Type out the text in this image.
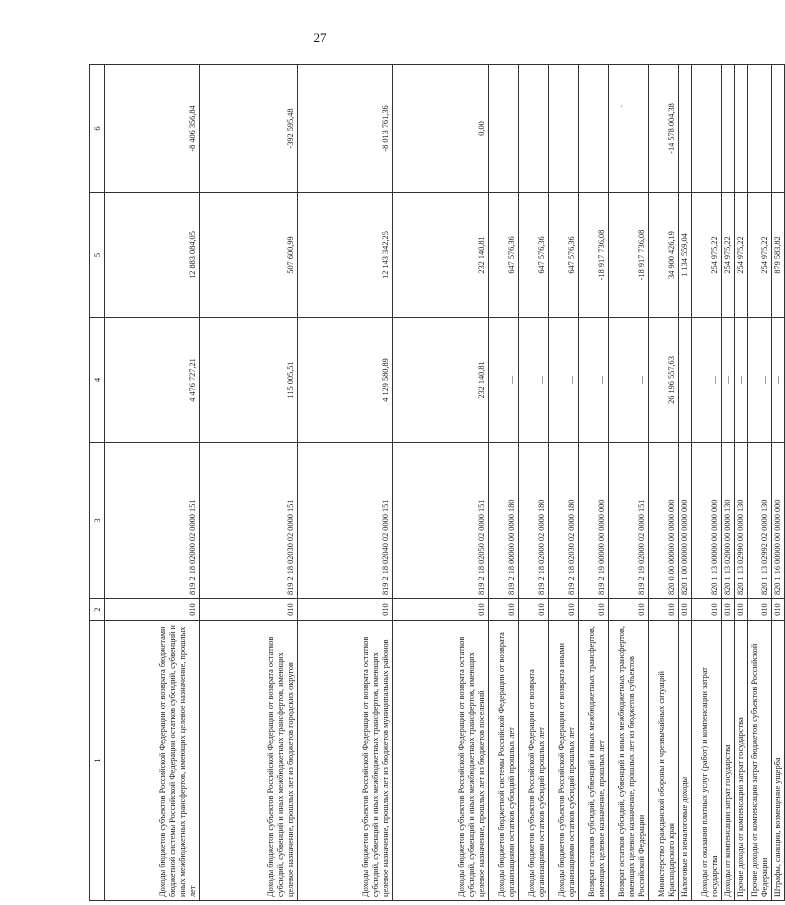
27
´
1	2	3	4	5	6
Доходы бюджетов субъектов Российской Федерации от возврата бюджетами бюджетной системы Российской Федерации остатков субсидий, субвенций и иных межбюджетных трансфертов, имеющих целевое назначение, прошлых лет	010	819 2 18 02000 02 0000 151	4 476 727,21	12 883 084,05	-8 406 356,84
Доходы бюджетов субъектов Российской Федерации от возврата остатков субсидий, субвенций и иных межбюджетных трансфертов, имеющих целевое назначение, прошлых лет из бюджетов городских округов	010	819 2 18 02030 02 0000 151	115 005,51	507 600,99	-392 595,48
Доходы бюджетов субъектов Российской Федерации от возврата остатков субсидий, субвенций и иных межбюджетных трансфертов, имеющих целевое назначение, прошлых лет из бюджетов муниципальных районов	010	819 2 18 02040 02 0000 151	4 129 580,89	12 143 342,25	-8 013 761,36
Доходы бюджетов субъектов Российской Федерации от возврата остатков субсидий, субвенций и иных межбюджетных трансфертов, имеющих целевое назначение, прошлых лет из бюджетов поселений	010	819 2 18 02050 02 0000 151	232 140,81	232 140,81	0,00
Доходы бюджетов бюджетной системы Российской Федерации от возврата организациями остатков субсидий прошлых лет	010	819 2 18 00000 00 0000 180	—	647 576,36	
Доходы бюджетов субъектов Российской Федерации от возврата организациями остатков субсидий прошлых лет	010	819 2 18 02000 02 0000 180	—	647 576,36	
Доходы бюджетов субъектов Российской Федерации от возврата иными организациями остатков субсидий прошлых лет	010	819 2 18 02030 02 0000 180	—	647 576,36	
Возврат остатков субсидий, субвенций и иных межбюджетных трансфертов, имеющих целевое назначение, прошлых лет	010	819 2 19 00000 00 0000 000	—	-18 917 736,08	
Возврат остатков субсидий, субвенций и иных межбюджетных трансфертов, имеющих целевое назначение, прошлых лет из бюджетов субъектов Российской Федерации	010	819 2 19 02000 02 0000 151	—	-18 917 736,08	
Министерство гражданской обороны и чрезвычайных ситуаций Краснодарского края	010	820 0 00 00000 00 0000 000	26 196 557,63	34 900 426,19	-14 578 004,38
Налоговые и неналоговые доходы	010	820 1 00 00000 00 0000 000		1 134 559,04	
Доходы от оказания платных услуг (работ) и компенсации затрат государства	010	820 1 13 00000 00 0000 000	—	254 975,22	
Доходы от компенсации затрат государства	010	820 1 13 02000 00 0000 130	—	254 975,22	
Прочие доходы от компенсации затрат государства	010	820 1 13 02990 00 0000 130	—	254 975,22	
Прочие доходы от компенсации затрат бюджетов субъектов Российской Федерации	010	820 1 13 02992 02 0000 130	—	254 975,22	
Штрафы, санкции, возмещение ущерба	010	820 1 16 00000 00 0000 000	—	879 583,82	
